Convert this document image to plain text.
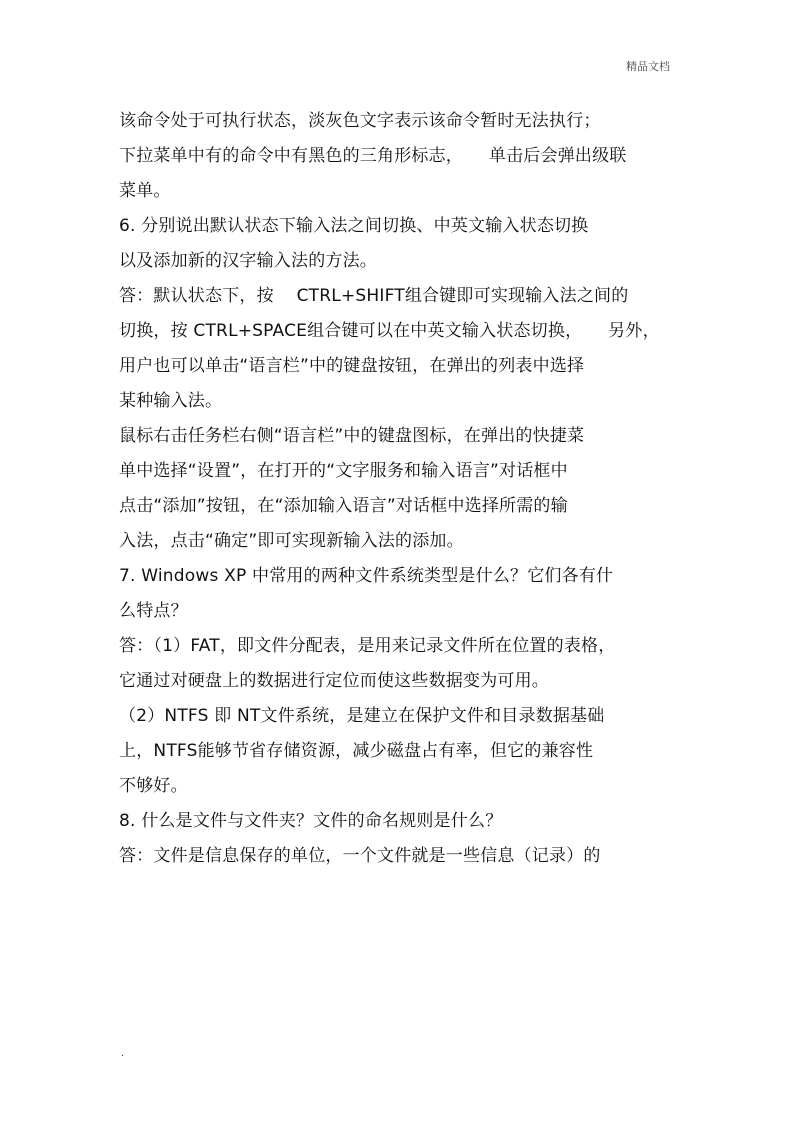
精品文档
该命令处于可执行状态，淡灰色文字表示该命令暂时无法执行；
下拉菜单中有的命令中有黑色的三角形标志，　　单击后会弹出级联
菜单。
6. 分别说出默认状态下输入法之间切换、中英文输入状态切换
以及添加新的汉字输入法的方法。
答：默认状态下，按 　CTRL+SHIFT组合键即可实现输入法之间的
切换，按 CTRL+SPACE组合键可以在中英文输入状态切换，　　另外，
用户也可以单击“语言栏”中的键盘按钮，在弹出的列表中选择
某种输入法。
鼠标右击任务栏右侧“语言栏”中的键盘图标，在弹出的快捷菜
单中选择“设置”，在打开的“文字服务和输入语言”对话框中
点击“添加”按钮，在“添加输入语言”对话框中选择所需的输
入法，点击“确定”即可实现新输入法的添加。
7. Windows XP 中常用的两种文件系统类型是什么？它们各有什
么特点？
答：（1）FAT，即文件分配表，是用来记录文件所在位置的表格，
它通过对硬盘上的数据进行定位而使这些数据变为可用。
（2）NTFS 即 NT文件系统，是建立在保护文件和目录数据基础
上，NTFS能够节省存储资源，减少磁盘占有率，但它的兼容性
不够好。
8. 什么是文件与文件夹？文件的命名规则是什么？
答：文件是信息保存的单位，一个文件就是一些信息（记录）的
.
